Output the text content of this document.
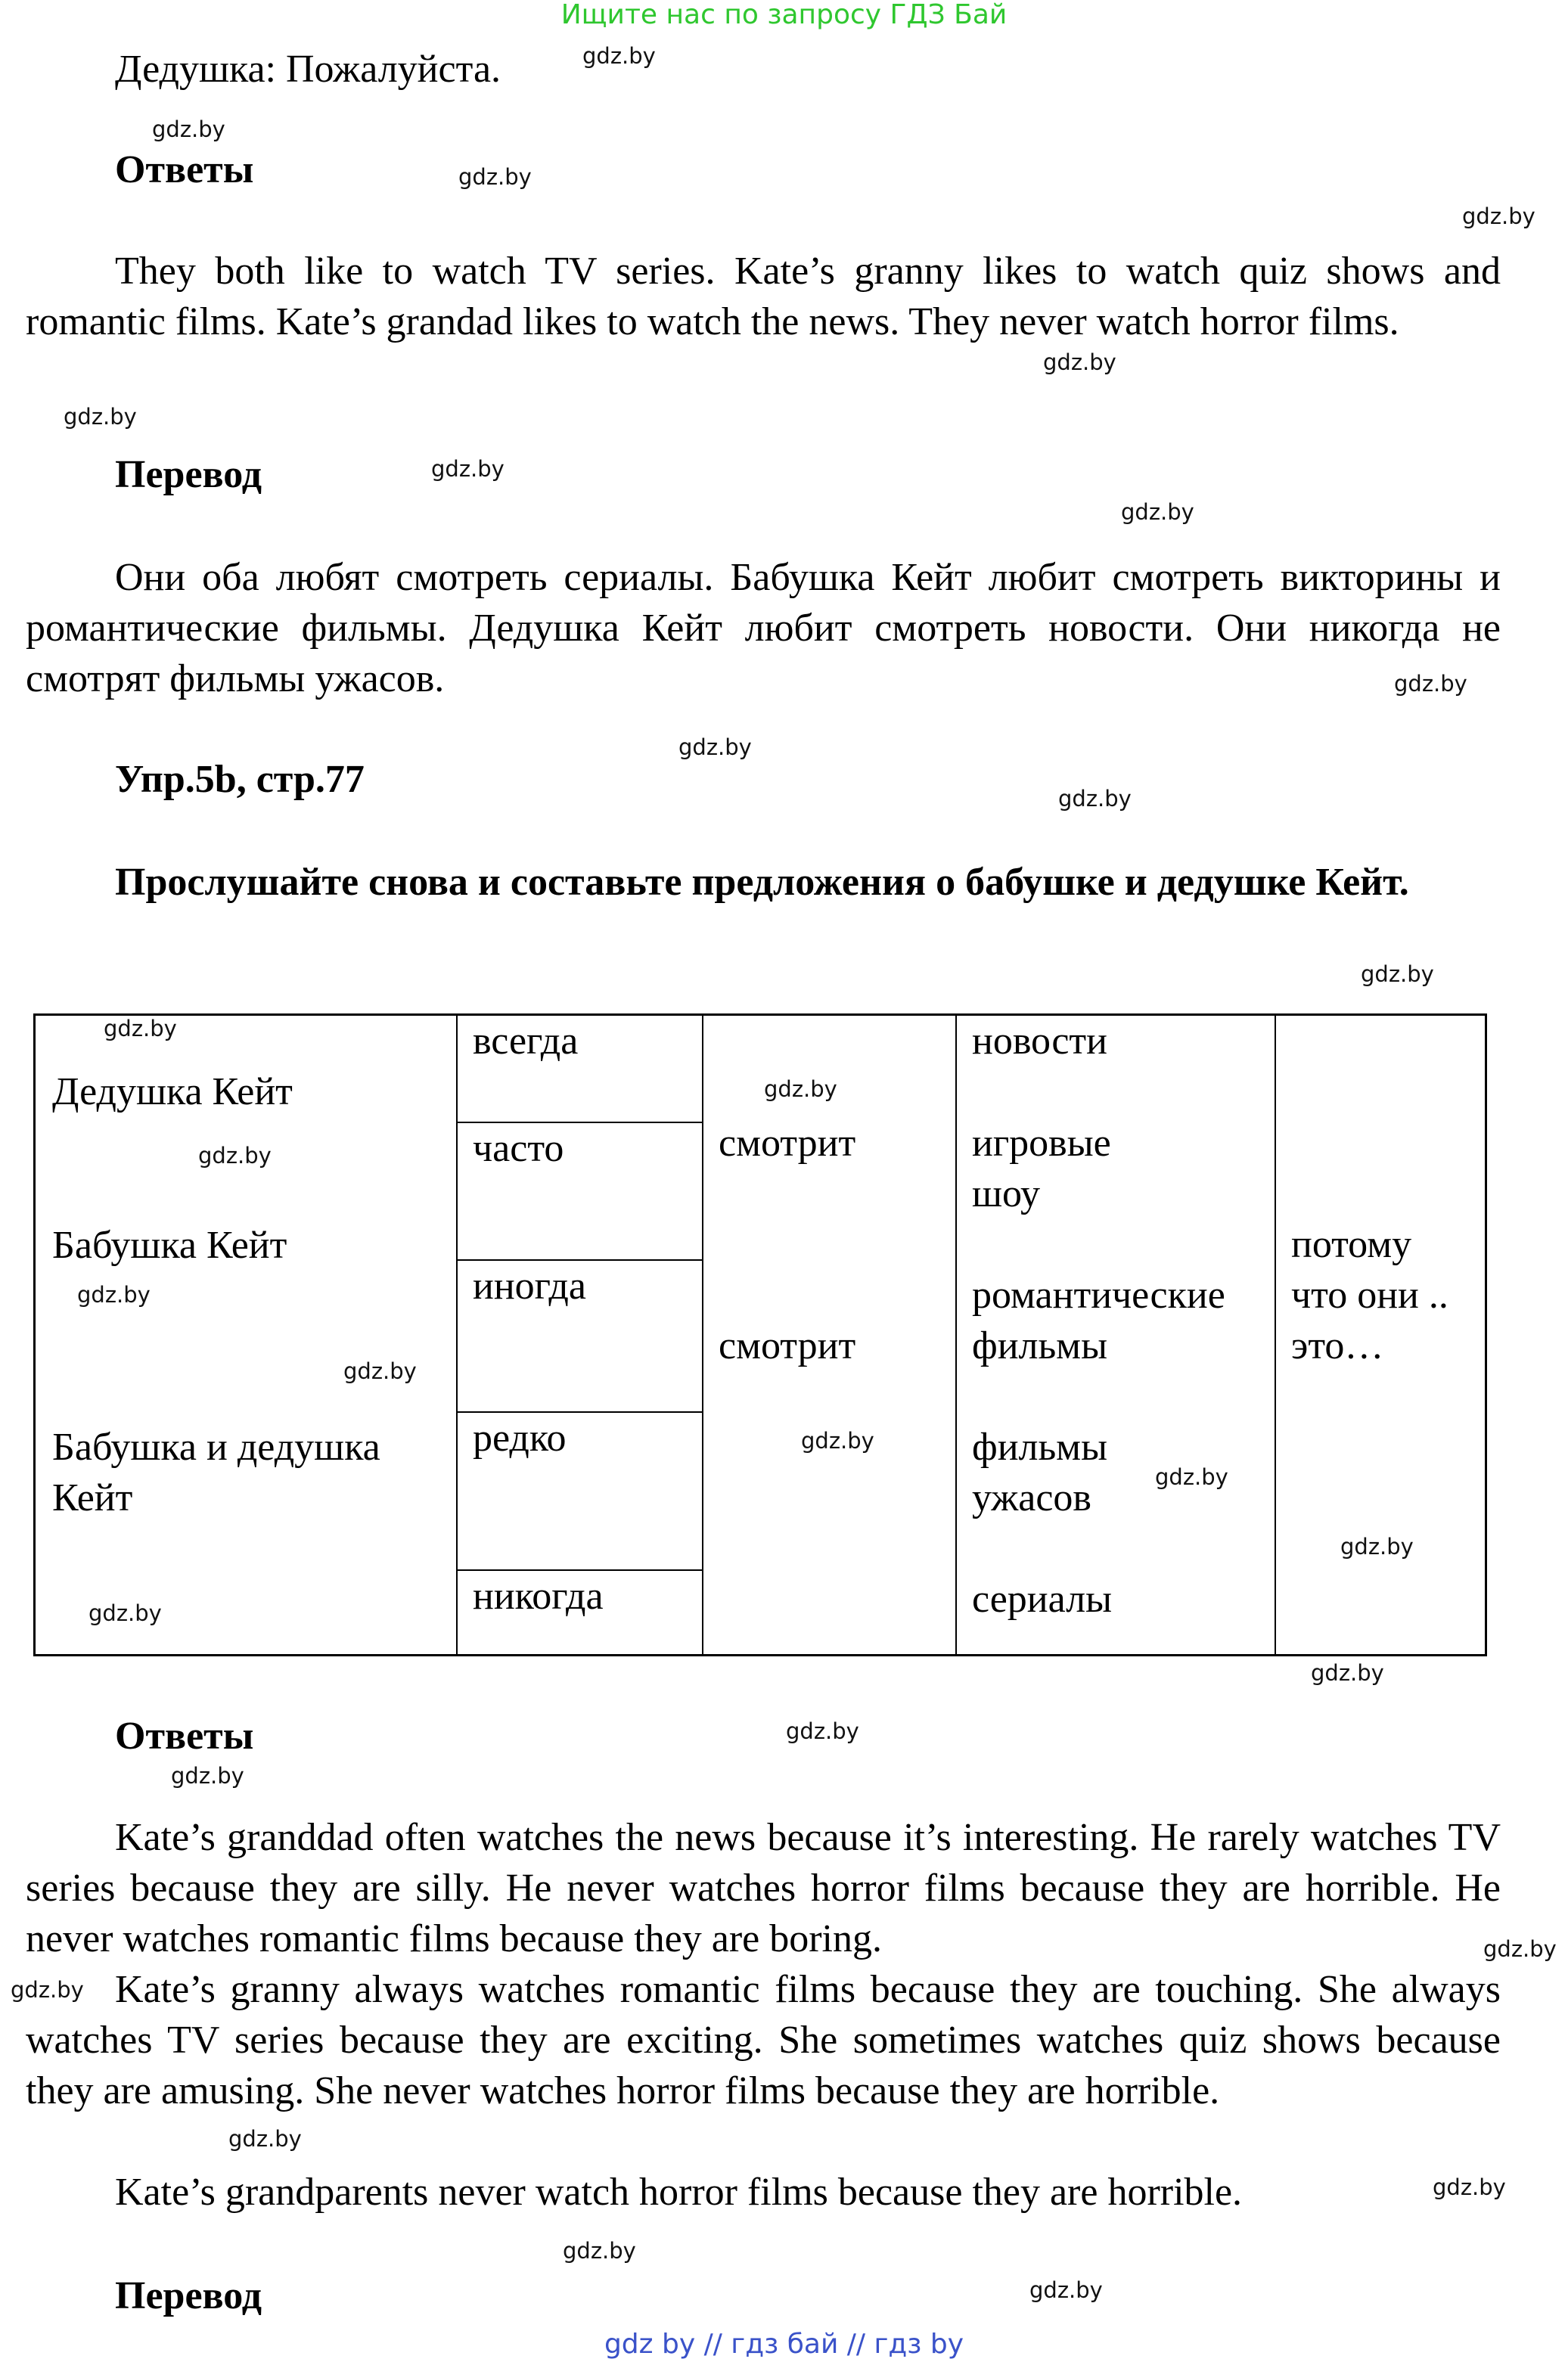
Ищите нас по запросу ГДЗ Бай
Дедушка: Пожалуйста.
Ответы
They both like to watch TV series. Kate’s granny likes to watch quiz shows and romantic films. Kate’s grandad likes to watch the news. They never watch horror films.
Перевод
Они оба любят смотреть сериалы. Бабушка Кейт любит смотреть викторины и романтические фильмы. Дедушка Кейт любит смотреть новости. Они никогда не смотрят фильмы ужасов.
Упр.5b, стр.77
Прослушайте снова и составьте предложения о бабушке и дедушке Кейт.
Дедушка Кейт
Бабушка Кейт
Бабушка и дедушка
Кейт
всегда
часто
иногда
редко
никогда
смотрит
смотрит
новости
игровые
шоу
романтические
фильмы
фильмы
ужасов
сериалы
потому
что они ..
это…
Ответы
Kate’s granddad often watches the news because it’s interesting. He rarely watches TV series because they are silly. He never watches horror films because they are horrible. He never watches romantic films because they are boring.
Kate’s granny always watches romantic films because they are touching. She always watches TV series because they are exciting. She sometimes watches quiz shows because they are amusing. She never watches horror films because they are horrible.
Kate’s grandparents never watch horror films because they are horrible.
Перевод
gdz.by
gdz.by
gdz.by
gdz.by
gdz.by
gdz.by
gdz.by
gdz.by
gdz.by
gdz.by
gdz.by
gdz.by
gdz.by
gdz.by
gdz.by
gdz.by
gdz.by
gdz.by
gdz.by
gdz.by
gdz.by
gdz.by
gdz.by
gdz.by
gdz.by
gdz.by
gdz.by
gdz.by
gdz.by
gdz.by
gdz by // гдз бай // гдз by
